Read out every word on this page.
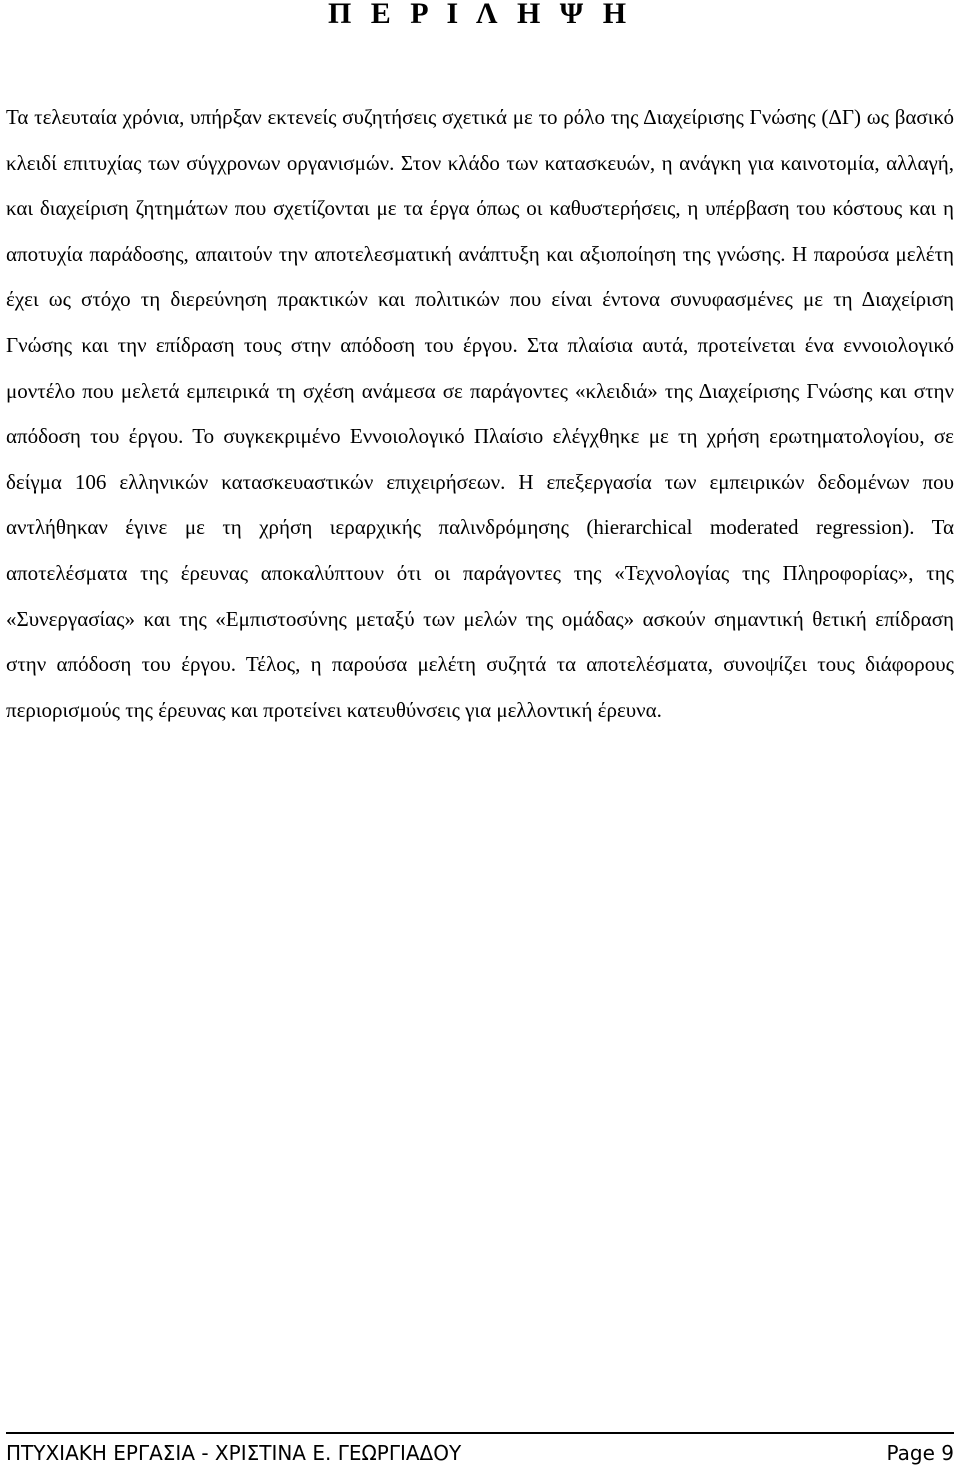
Π Ε Ρ Ι Λ Η Ψ Η

Τα τελευταία χρόνια, υπήρξαν εκτενείς συζητήσεις σχετικά με το ρόλο της Διαχείρισης Γνώσης (ΔΓ) ως βασικό κλειδί επιτυχίας των σύγχρονων οργανισμών. Στον κλάδο των κατασκευών, η ανάγκη για καινοτομία, αλλαγή, και διαχείριση ζητημάτων που σχετίζονται με τα έργα όπως οι καθυστερήσεις, η υπέρβαση του κόστους και η αποτυχία παράδοσης, απαιτούν την αποτελεσματική ανάπτυξη και αξιοποίηση της γνώσης. Η παρούσα μελέτη έχει ως στόχο τη διερεύνηση πρακτικών και πολιτικών που είναι έντονα συνυφασμένες με τη Διαχείριση Γνώσης και την επίδραση τους στην απόδοση του έργου. Στα πλαίσια αυτά, προτείνεται ένα εννοιολογικό μοντέλο που μελετά εμπειρικά τη σχέση ανάμεσα σε παράγοντες «κλειδιά» της Διαχείρισης Γνώσης και στην απόδοση του έργου. Το συγκεκριμένο Εννοιολογικό Πλαίσιο ελέγχθηκε με τη χρήση ερωτηματολογίου, σε δείγμα 106 ελληνικών κατασκευαστικών επιχειρήσεων. Η επεξεργασία των εμπειρικών δεδομένων που αντλήθηκαν έγινε με τη χρήση ιεραρχικής παλινδρόμησης (hierarchical moderated regression). Τα αποτελέσματα της έρευνας αποκαλύπτουν ότι οι παράγοντες της «Τεχνολογίας της Πληροφορίας», της «Συνεργασίας» και της «Εμπιστοσύνης μεταξύ των μελών της ομάδας» ασκούν σημαντική θετική επίδραση στην απόδοση του έργου. Τέλος, η παρούσα μελέτη συζητά τα αποτελέσματα, συνοψίζει τους διάφορους περιορισμούς της έρευνας και προτείνει κατευθύνσεις για μελλοντική έρευνα.

ΠΤΥΧΙΑΚΗ ΕΡΓΑΣΙΑ - ΧΡΙΣΤΙΝΑ Ε. ΓΕΩΡΓΙΑΔΟΥ	Page 9
